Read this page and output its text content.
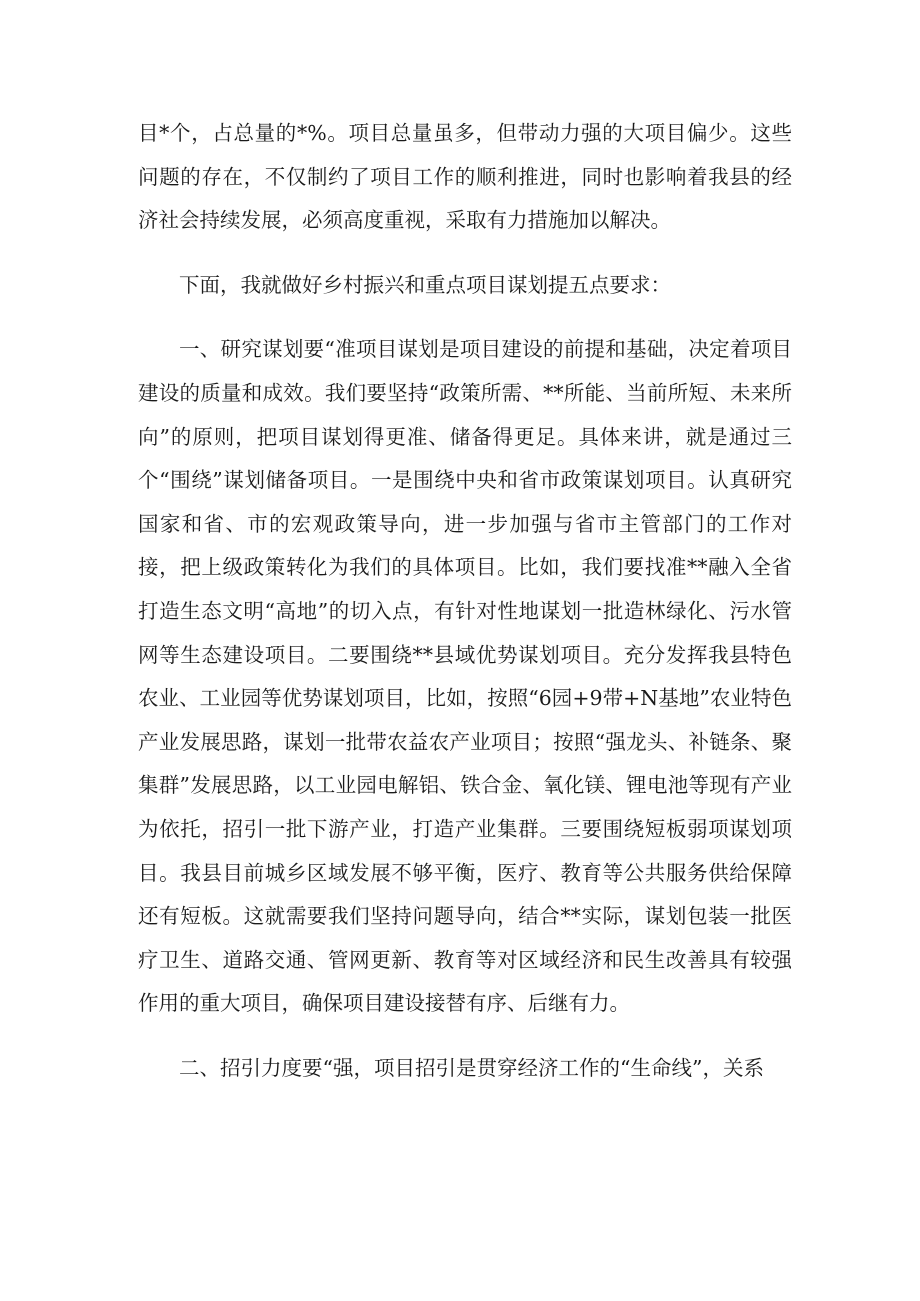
目*个，占总量的*%。项目总量虽多，但带动力强的大项目偏少。这些问题的存在，不仅制约了项目工作的顺利推进，同时也影响着我县的经济社会持续发展，必须高度重视，采取有力措施加以解决。

下面，我就做好乡村振兴和重点项目谋划提五点要求：

一、研究谋划要“准项目谋划是项目建设的前提和基础，决定着项目建设的质量和成效。我们要坚持“政策所需、**所能、当前所短、未来所向”的原则，把项目谋划得更准、储备得更足。具体来讲，就是通过三个“围绕”谋划储备项目。一是围绕中央和省市政策谋划项目。认真研究国家和省、市的宏观政策导向，进一步加强与省市主管部门的工作对接，把上级政策转化为我们的具体项目。比如，我们要找准**融入全省打造生态文明“高地”的切入点，有针对性地谋划一批造林绿化、污水管网等生态建设项目。二要围绕**县域优势谋划项目。充分发挥我县特色农业、工业园等优势谋划项目，比如，按照“6园+9带+N基地”农业特色产业发展思路，谋划一批带农益农产业项目；按照“强龙头、补链条、聚集群”发展思路，以工业园电解铝、铁合金、氧化镁、锂电池等现有产业为依托，招引一批下游产业，打造产业集群。三要围绕短板弱项谋划项目。我县目前城乡区域发展不够平衡，医疗、教育等公共服务供给保障还有短板。这就需要我们坚持问题导向，结合**实际，谋划包装一批医疗卫生、道路交通、管网更新、教育等对区域经济和民生改善具有较强作用的重大项目，确保项目建设接替有序、后继有力。

二、招引力度要“强，项目招引是贯穿经济工作的“生命线”，关系
